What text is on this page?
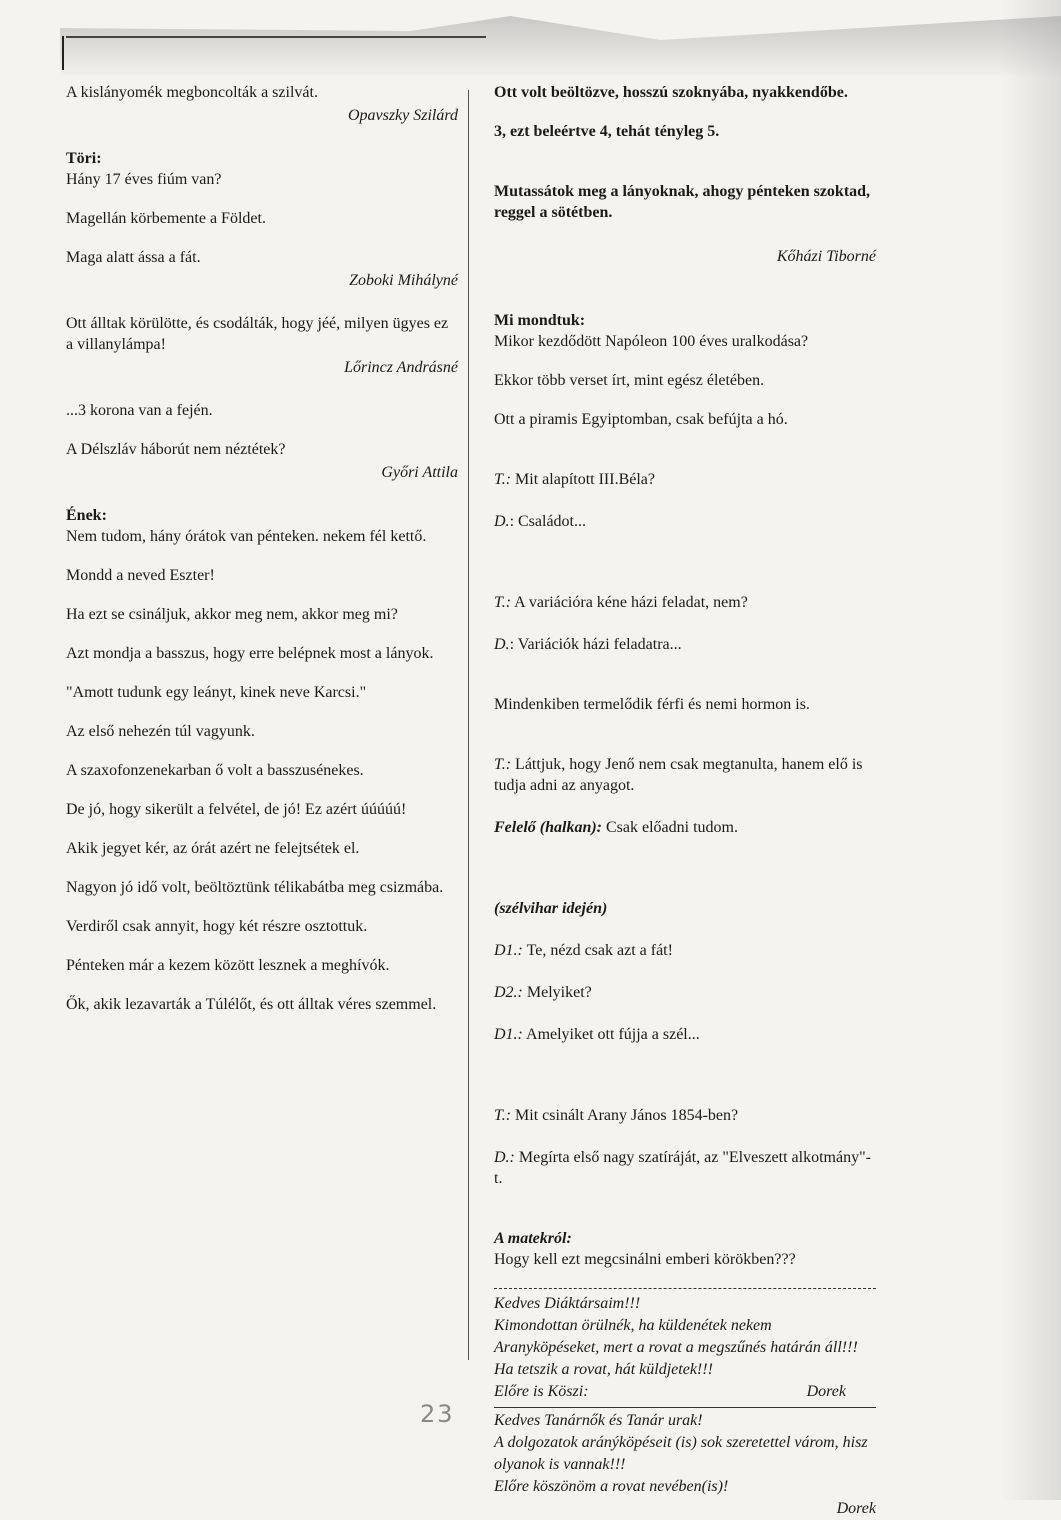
A kislányomék megboncolták a szilvát.
Opavszky Szilárd
Töri:
Hány 17 éves fiúm van?
Magellán körbemente a Földet.
Maga alatt ássa a fát.
Zoboki Mihályné
Ott álltak körülötte, és csodálták, hogy jéé, milyen ügyes ez a villanylámpa!
Lőrincz Andrásné
...3 korona van a fején.
A Délszláv háborút nem néztétek?
Győri Attila
Ének:
Nem tudom, hány órátok van pénteken. nekem fél kettő.
Mondd a neved Eszter!
Ha ezt se csináljuk, akkor meg nem, akkor meg mi?
Azt mondja a basszus, hogy erre belépnek most a lányok.
"Amott tudunk egy leányt, kinek neve Karcsi."
Az első nehezén túl vagyunk.
A szaxofonzenekarban ő volt a basszusénekes.
De jó, hogy sikerült a felvétel, de jó! Ez azért úúúúú!
Akik jegyet kér, az órát azért ne felejtsétek el.
Nagyon jó idő volt, beöltöztünk télikabátba meg csizmába.
Verdiről csak annyit, hogy két részre osztottuk.
Pénteken már a kezem között lesznek a meghívók.
Ők, akik lezavarták a Túlélőt, és ott álltak véres szemmel.
Ott volt beöltözve, hosszú szoknyába, nyakkendőbe.
3, ezt beleértve 4, tehát tényleg 5.

Mutassátok meg a lányoknak, ahogy pénteken szoktad, reggel a sötétben.

Kőházi Tiborné

Mi mondtuk:
Mikor kezdődött Napóleon 100 éves uralkodása?
Ekkor több verset írt, mint egész életében.
Ott a piramis Egyiptomban, csak befújta a hó.

T.: Mit alapított III.Béla?

D.: Családot...

T.: A variációra kéne házi feladat, nem?

D.: Variációk házi feladatra...

Mindenkiben termelődik férfi és nemi hormon is.

T.: Láttjuk, hogy Jenő nem csak megtanulta, hanem elő is tudja adni az anyagot.

Felelő (halkan): Csak előadni tudom.

(szélvihar idején)

D1.: Te, nézd csak azt a fát!

D2.: Melyiket?

D1.: Amelyiket ott fújja a szél...

T.: Mit csinált Arany János 1854-ben?

D.: Megírta első nagy szatíráját, az "Elveszett alkotmány"-t.

A matekról:
Hogy kell ezt megcsinálni emberi körökben???
Kedves Diáktársaim!!!
Kimondottan örülnék, ha küldenétek nekem Aranyköpéseket, mert a rovat a megszűnés határán áll!!! Ha tetszik a rovat, hát küldjetek!!!
Előre is Köszi:	Dorek
Kedves Tanárnők és Tanár urak!
A dolgozatok aránýköpéseit (is) sok szeretettel várom, hisz olyanok is vannak!!!
Előre köszönöm a rovat nevében(is)!
Dorek
23
